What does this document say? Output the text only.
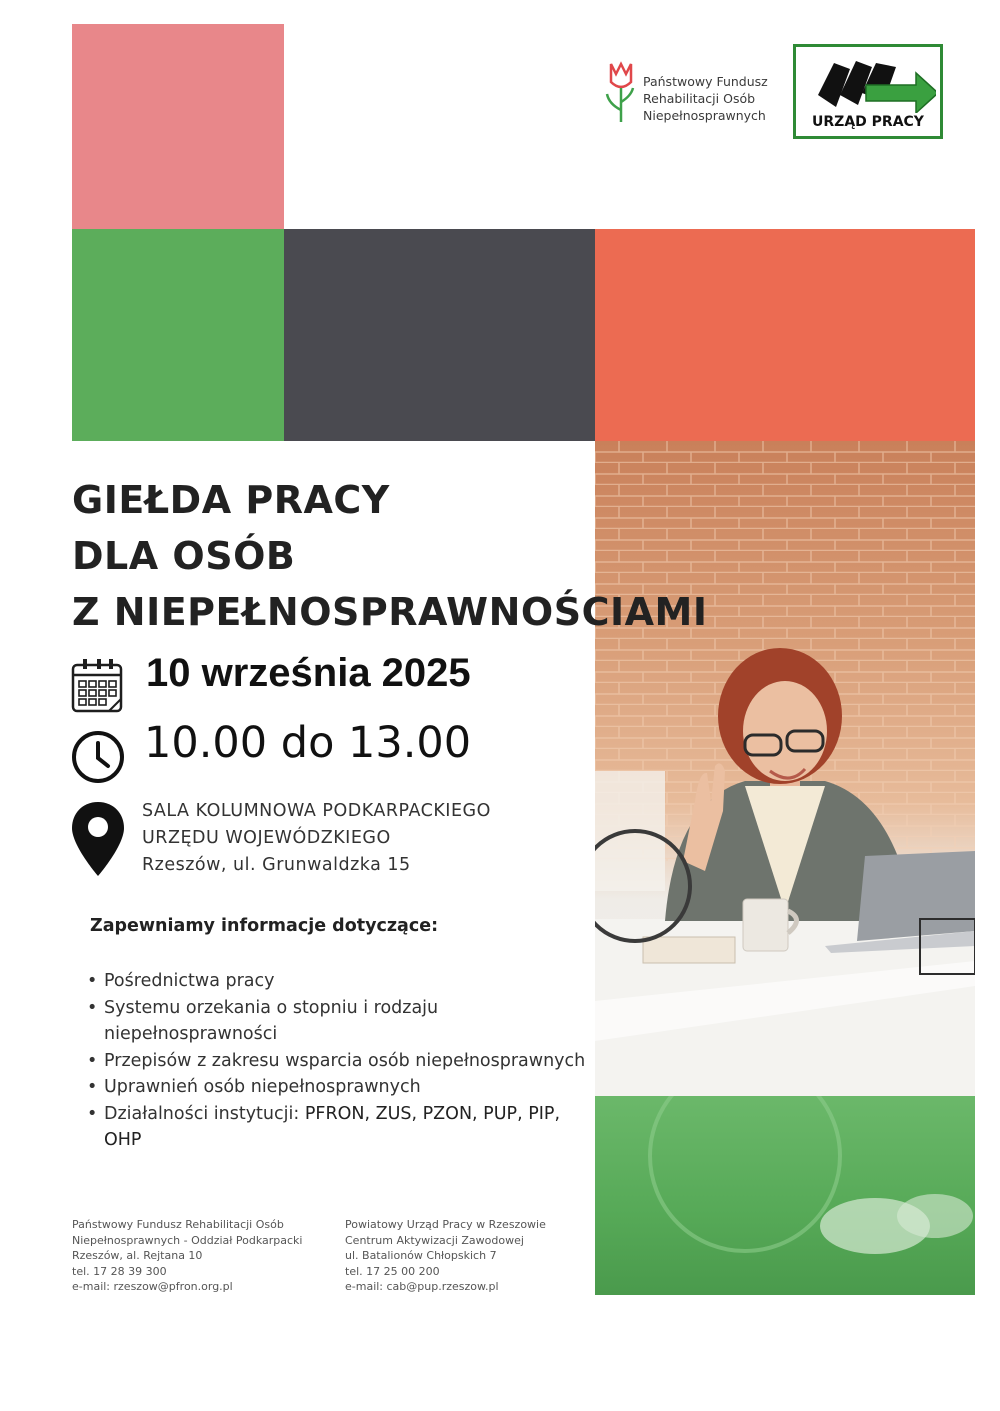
Państwowy Fundusz
Rehabilitacji Osób
Niepełnosprawnych	URZĄD PRACY
GIEŁDA PRACY
DLA OSÓB
Z NIEPEŁNOSPRAWNOŚCIAMI
10 września 2025
10.00 do 13.00
SALA KOLUMNOWA PODKARPACKIEGO
URZĘDU WOJEWÓDZKIEGO
Rzeszów, ul. Grunwaldzka 15
Zapewniamy informacje dotyczące:
• Pośrednictwa pracy
• Systemu orzekania o stopniu i rodzaju niepełnosprawności
• Przepisów z zakresu wsparcia osób niepełnosprawnych
• Uprawnień osób niepełnosprawnych
• Działalności instytucji: PFRON, ZUS, PZON, PUP, PIP, OHP
Państwowy Fundusz Rehabilitacji Osób
Niepełnosprawnych - Oddział Podkarpacki
Rzeszów, al. Rejtana 10
tel. 17 28 39 300
e-mail: rzeszow@pfron.org.pl
Powiatowy Urząd Pracy w Rzeszowie
Centrum Aktywizacji Zawodowej
ul. Batalionów Chłopskich 7
tel. 17 25 00 200
e-mail: cab@pup.rzeszow.pl
